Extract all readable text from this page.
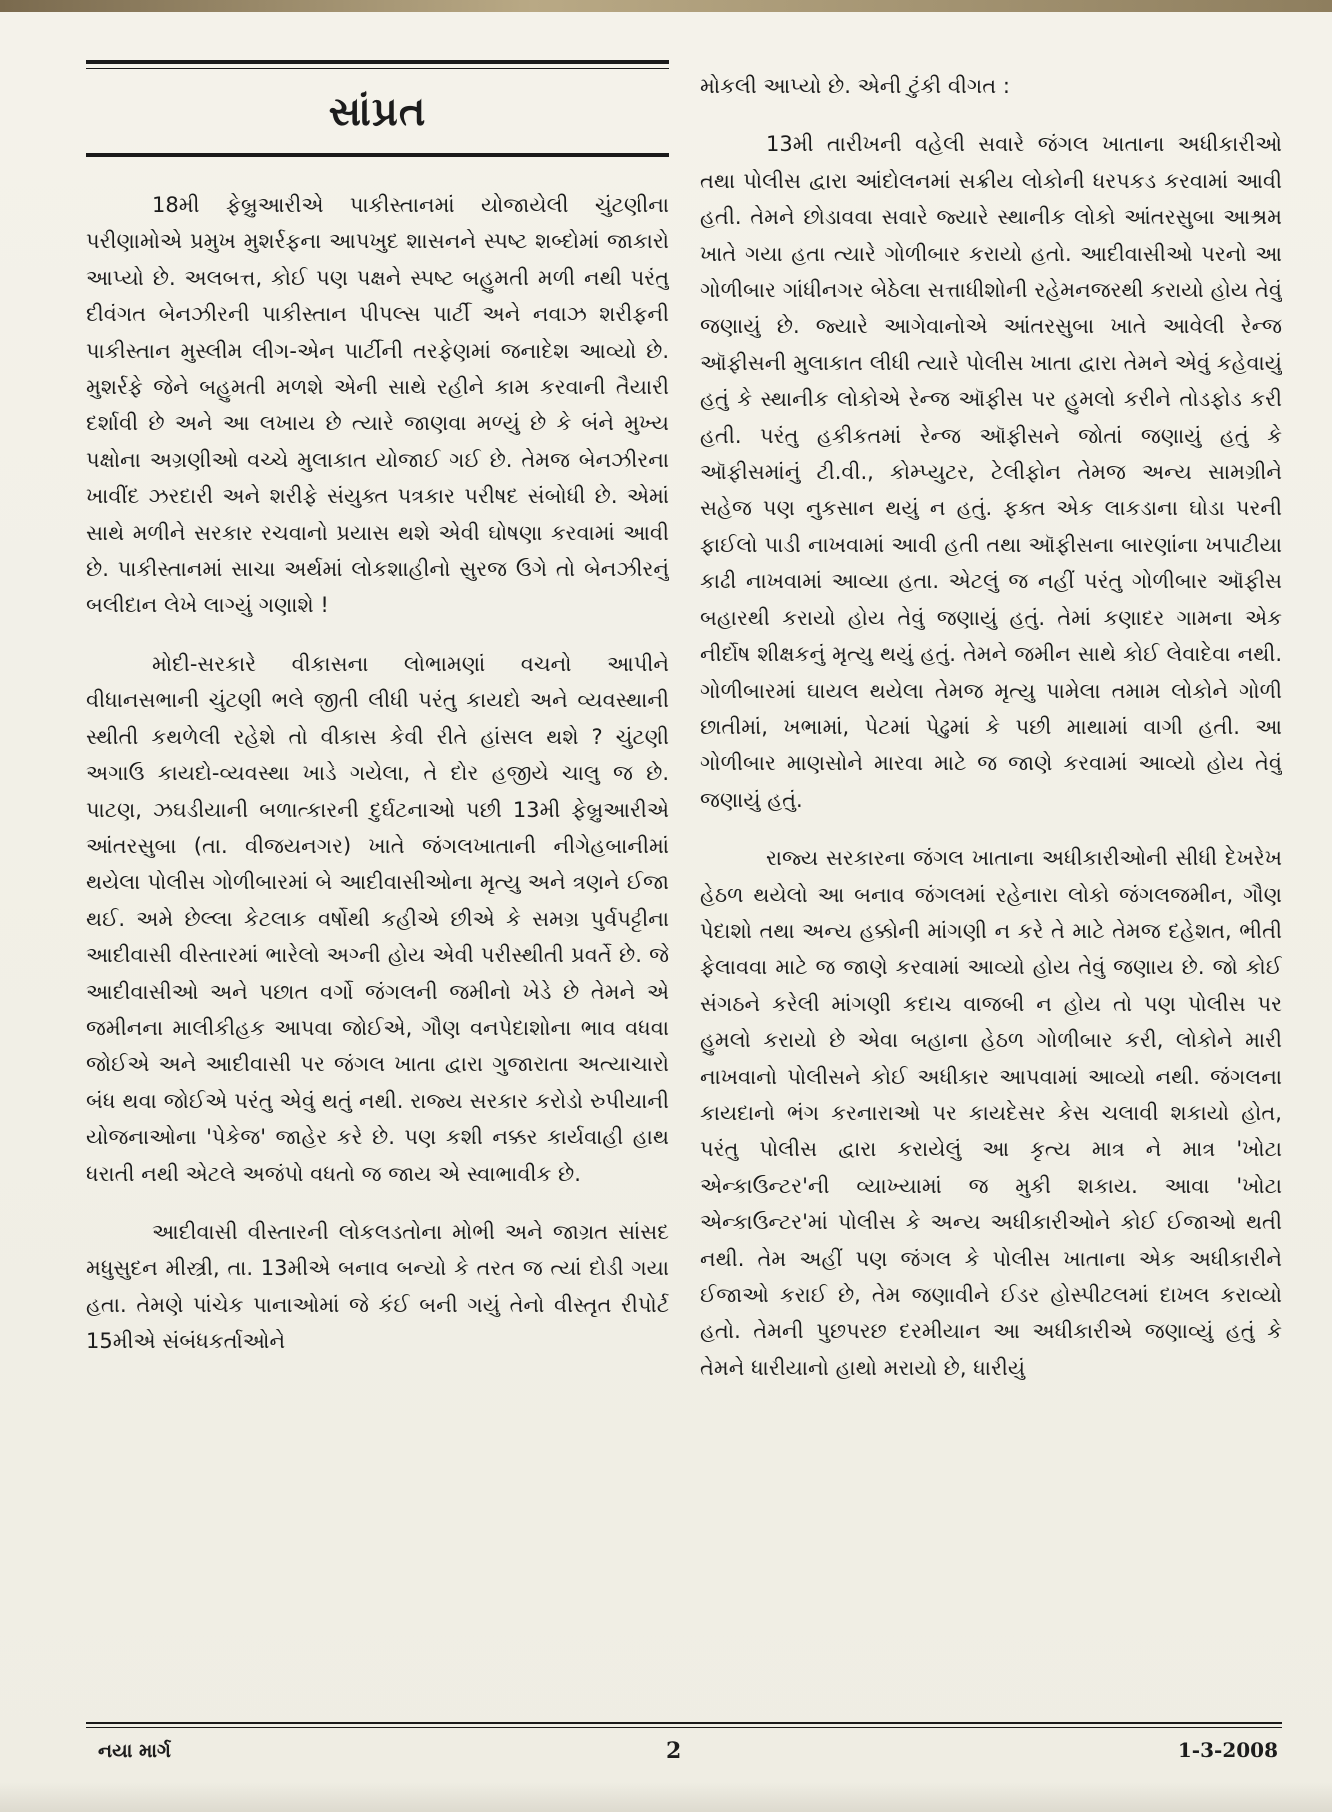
સાંપ્રત

18મી ફેબ્રુઆરીએ પાકીસ્તાનમાં યોજાયેલી ચુંટણીના પરીણામોએ પ્રમુખ મુશર્રફના આપખુદ શાસનને સ્પષ્ટ શબ્દોમાં જાકારો આપ્યો છે. અલબત્ત, કોઈ પણ પક્ષને સ્પષ્ટ બહુમતી મળી નથી પરંતુ દીવંગત બેનઝીરની પાકીસ્તાન પીપલ્સ પાર્ટી અને નવાઝ શરીફની પાકીસ્તાન મુસ્લીમ લીગ-એન પાર્ટીની તરફેણમાં જનાદેશ આવ્યો છે. મુશર્રફે જેને બહુમતી મળશે એની સાથે રહીને કામ કરવાની તૈયારી દર્શાવી છે અને આ લખાય છે ત્યારે જાણવા મળ્યું છે કે બંને મુખ્ય પક્ષોના અગ્રણીઓ વચ્ચે મુલાકાત યોજાઈ ગઈ છે. તેમજ બેનઝીરના ખાવીંદ ઝરદારી અને શરીફે સંયુક્ત પત્રકાર પરીષદ સંબોધી છે. એમાં સાથે મળીને સરકાર રચવાનો પ્રયાસ થશે એવી ઘોષણા કરવામાં આવી છે. પાકીસ્તાનમાં સાચા અર્થમાં લોકશાહીનો સુરજ ઉગે તો બેનઝીરનું બલીદાન લેખે લાગ્યું ગણાશે !

મોદી-સરકારે વીકાસના લોભામણાં વચનો આપીને વીધાનસભાની ચુંટણી ભલે જીતી લીધી પરંતુ કાયદો અને વ્યવસ્થાની સ્થીતી કથળેલી રહેશે તો વીકાસ કેવી રીતે હાંસલ થશે ? ચુંટણી અગાઉ કાયદો-વ્યવસ્થા ખાડે ગયેલા, તે દોર હજીયે ચાલુ જ છે. પાટણ, ઝઘડીયાની બળાત્કારની દુર્ઘટનાઓ પછી 13મી ફેબ્રુઆરીએ આંતરસુબા (તા. વીજયનગર) ખાતે જંગલખાતાની નીગેહબાનીમાં થયેલા પોલીસ ગોળીબારમાં બે આદીવાસીઓના મૃત્યુ અને ત્રણને ઈજા થઈ. અમે છેલ્લા કેટલાક વર્ષોથી કહીએ છીએ કે સમગ્ર પુર્વપટ્ટીના આદીવાસી વીસ્તારમાં ભારેલો અગ્ની હોય એવી પરીસ્થીતી પ્રવર્તે છે. જે આદીવાસીઓ અને પછાત વર્ગો જંગલની જમીનો ખેડે છે તેમને એ જમીનના માલીકીહક આપવા જોઈએ, ગૌણ વનપેદાશોના ભાવ વધવા જોઈએ અને આદીવાસી પર જંગલ ખાતા દ્વારા ગુજારાતા અત્યાચારો બંધ થવા જોઈએ પરંતુ એવું થતું નથી. રાજ્ય સરકાર કરોડો રુપીયાની યોજનાઓના 'પેકેજ' જાહેર કરે છે. પણ કશી નક્કર કાર્યવાહી હાથ ધરાતી નથી એટલે અજંપો વધતો જ જાય એ સ્વાભાવીક છે.

આદીવાસી વીસ્તારની લોકલડતોના મોભી અને જાગ્રત સાંસદ મધુસુદન મીસ્ત્રી, તા. 13મીએ બનાવ બન્યો કે તરત જ ત્યાં દોડી ગયા હતા. તેમણે પાંચેક પાનાઓમાં જે કંઈ બની ગયું તેનો વીસ્તૃત રીપોર્ટ 15મીએ સંબંધકર્તાઓને

મોકલી આપ્યો છે. એની ટુંકી વીગત :

13મી તારીખની વહેલી સવારે જંગલ ખાતાના અધીકારીઓ તથા પોલીસ દ્વારા આંદોલનમાં સક્રીય લોકોની ધરપકડ કરવામાં આવી હતી. તેમને છોડાવવા સવારે જ્યારે સ્થાનીક લોકો આંતરસુબા આશ્રમ ખાતે ગયા હતા ત્યારે ગોળીબાર કરાયો હતો. આદીવાસીઓ પરનો આ ગોળીબાર ગાંધીનગર બેઠેલા સત્તાધીશોની રહેમનજરથી કરાયો હોય તેવું જણાયું છે. જ્યારે આગેવાનોએ આંતરસુબા ખાતે આવેલી રેન્જ ઑફીસની મુલાકાત લીધી ત્યારે પોલીસ ખાતા દ્વારા તેમને એવું કહેવાયું હતું કે સ્થાનીક લોકોએ રેન્જ ઑફીસ પર હુમલો કરીને તોડફોડ કરી હતી. પરંતુ હકીકતમાં રેન્જ ઑફીસને જોતાં જણાયું હતું કે ઑફીસમાંનું ટી.વી., કોમ્પ્યુટર, ટેલીફોન તેમજ અન્ય સામગ્રીને સહેજ પણ નુકસાન થયું ન હતું. ફક્ત એક લાકડાના ઘોડા પરની ફાઈલો પાડી નાખવામાં આવી હતી તથા ઑફીસના બારણાંના ખપાટીયા કાઢી નાખવામાં આવ્યા હતા. એટલું જ નહીં પરંતુ ગોળીબાર ઑફીસ બહારથી કરાયો હોય તેવું જણાયું હતું. તેમાં કણાદર ગામના એક નીર્દોષ શીક્ષકનું મૃત્યુ થયું હતું. તેમને જમીન સાથે કોઈ લેવાદેવા નથી. ગોળીબારમાં ઘાયલ થયેલા તેમજ મૃત્યુ પામેલા તમામ લોકોને ગોળી છાતીમાં, ખભામાં, પેટમાં પેઢુમાં કે પછી માથામાં વાગી હતી. આ ગોળીબાર માણસોને મારવા માટે જ જાણે કરવામાં આવ્યો હોય તેવું જણાયું હતું.

રાજ્ય સરકારના જંગલ ખાતાના અધીકારીઓની સીધી દેખરેખ હેઠળ થયેલો આ બનાવ જંગલમાં રહેનારા લોકો જંગલજમીન, ગૌણ પેદાશો તથા અન્ય હક્કોની માંગણી ન કરે તે માટે તેમજ દહેશત, ભીતી ફેલાવવા માટે જ જાણે કરવામાં આવ્યો હોય તેવું જણાય છે. જો કોઈ સંગઠને કરેલી માંગણી કદાચ વાજબી ન હોય તો પણ પોલીસ પર હુમલો કરાયો છે એવા બહાના હેઠળ ગોળીબાર કરી, લોકોને મારી નાખવાનો પોલીસને કોઈ અધીકાર આપવામાં આવ્યો નથી. જંગલના કાયદાનો ભંગ કરનારાઓ પર કાયદેસર કેસ ચલાવી શકાયો હોત, પરંતુ પોલીસ દ્વારા કરાયેલું આ કૃત્ય માત્ર ને માત્ર 'ખોટા એન્કાઉન્ટર'ની વ્યાખ્યામાં જ મુકી શકાય. આવા 'ખોટા એન્કાઉન્ટર'માં પોલીસ કે અન્ય અધીકારીઓને કોઈ ઈજાઓ થતી નથી. તેમ અહીં પણ જંગલ કે પોલીસ ખાતાના એક અધીકારીને ઈજાઓ કરાઈ છે, તેમ જણાવીને ઈડર હોસ્પીટલમાં દાખલ કરાવ્યો હતો. તેમની પુછપરછ દરમીયાન આ અધીકારીએ જણાવ્યું હતું કે તેમને ધારીયાનો હાથો મરાયો છે, ધારીયું

નયા માર્ગ	2	1-3-2008
